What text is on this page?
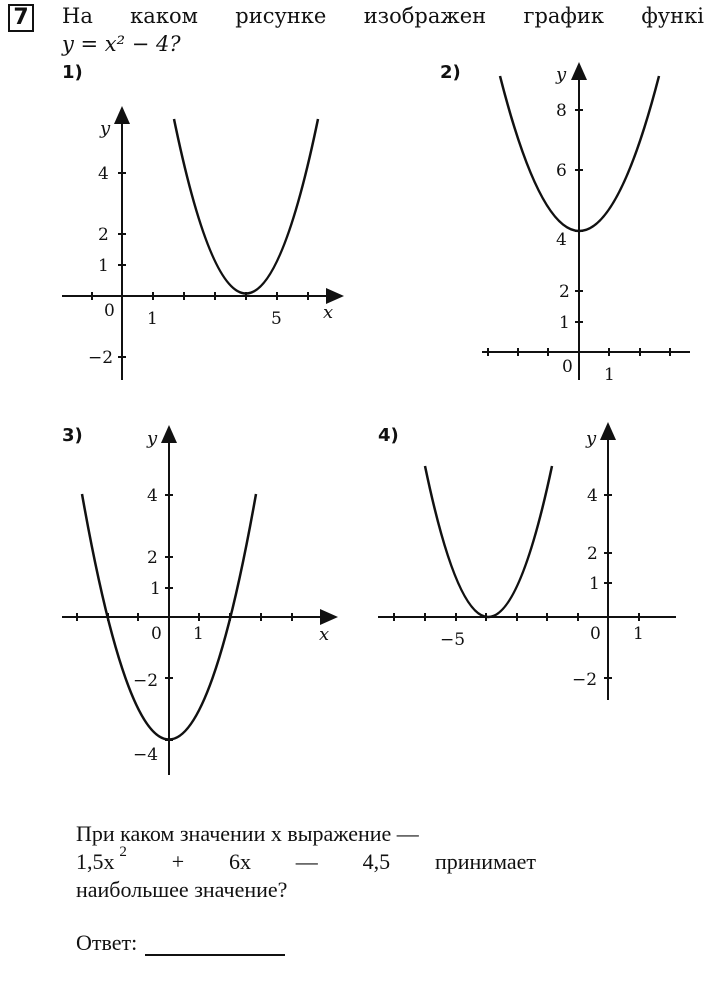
7 На каком рисунке изображен график функі
y = x² − 4?
1)	2)
3)	4)
y
x
4
2
1
−2
0 1	5
y
8
6
4
2
1
0 1
y
x
4
2
1
−2
−4
0 1
y
4
2
1
−2
−5	0 1
При каком значении x выражение —
1,5x 2 + 6x — 4,5 принимает
наибольшее значение?
Ответ:
